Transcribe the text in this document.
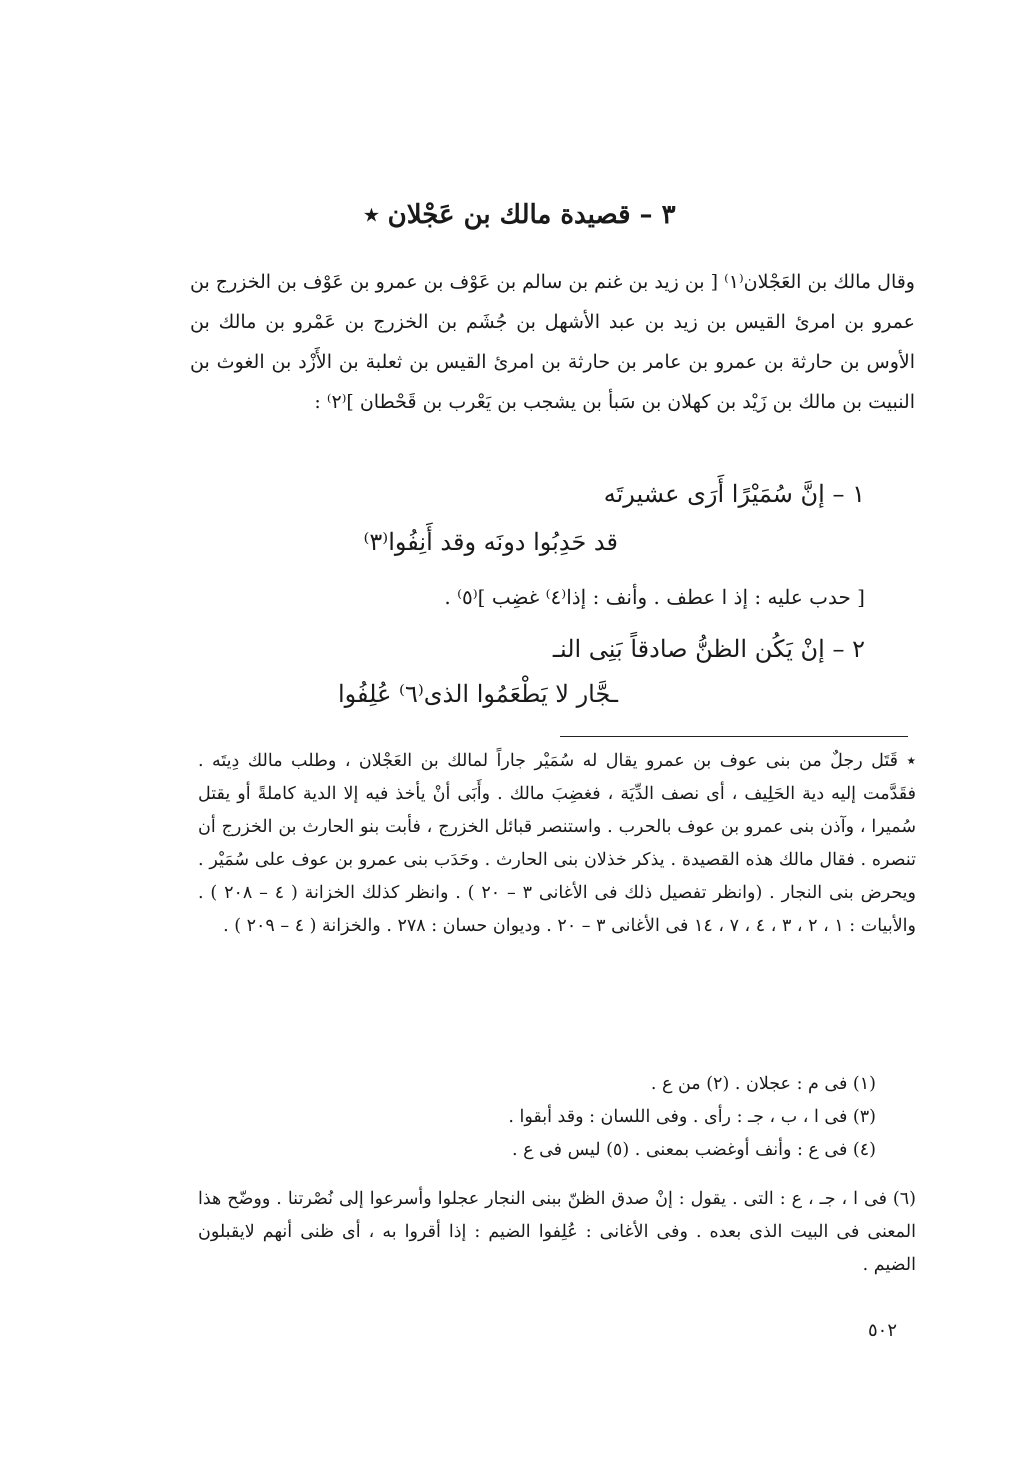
٣ – قصيدة مالك بن عَجْلان ٭

وقال مالك بن العَجْلان⁽١⁾ [ بن زيد بن غنم بن سالم بن عَوْف بن عمرو بن عَوْف بن الخزرج بن عمرو بن امرئ القيس بن زيد بن عبد الأشهل بن جُشَم بن الخزرج بن عَمْرو بن مالك بن الأوس بن حارثة بن عمرو بن عامر بن حارثة بن امرئ القيس بن ثعلبة بن الأَزْد بن الغوث بن النبيت بن مالك بن زَيْد بن كهلان بن سَبأ بن يشجب بن يَعْرب بن قَحْطان ]⁽٢⁾ :

١ – إنَّ سُمَيْرًا أَرَى عشيرتَه
قد حَدِبُوا دونَه وقد أَنِفُوا⁽٣⁾
[ حدب عليه : إذ ا عطف . وأنف : إذا⁽٤⁾ غضِب ]⁽٥⁾ .
٢ – إنْ يَكُن الظنُّ صادقاً بَنِى النـ
ـجَّار لا يَطْعَمُوا الذى⁽٦⁾ عُلِفُوا

٭ قَتَل رجلٌ من بنى عوف بن عمرو يقال له سُمَيْر جاراً لمالك بن العَجْلان ، وطلب مالك دِيتَه . فقَدَّمت إليه دية الحَلِيف ، أى نصف الدِّيَة ، فغضِبَ مالك . وأَبَى أنْ يأخذ فيه إلا الدية كاملةً أو يقتل سُميرا ، وآذن بنى عمرو بن عوف بالحرب . واستنصر قبائل الخزرج ، فأبت بنو الحارث بن الخزرج أن تنصره . فقال مالك هذه القصيدة . يذكر خذلان بنى الحارث . وحَدَب بنى عمرو بن عوف على سُمَيْر . ويحرض بنى النجار . (وانظر تفصيل ذلك فى الأغانى ٣ – ٢٠ ) . وانظر كذلك الخزانة ( ٤ – ٢٠٨ ) . والأبيات : ١ ، ٢ ، ٣ ، ٤ ، ٧ ، ١٤ فى الأغانى ٣ – ٢٠ . وديوان حسان : ٢٧٨ . والخزانة ( ٤ – ٢٠٩ ) .

(١) فى م : عجلان . (٢) من ع .

(٣) فى ا ، ب ، جـ : رأى . وفى اللسان : وقد أبقوا .

(٤) فى ع : وأنف أوغضب بمعنى . (٥) ليس فى ع .

(٦) فى ا ، جـ ، ع : التى . يقول : إنْ صدق الظنّ ببنى النجار عجلوا وأسرعوا إلى نُصْرتنا . ووضّح هذا المعنى فى البيت الذى بعده . وفى الأغانى : عُلِفوا الضيم : إذا أقروا به ، أى ظنى أنهم لايقبلون الضيم .

٥٠٢
